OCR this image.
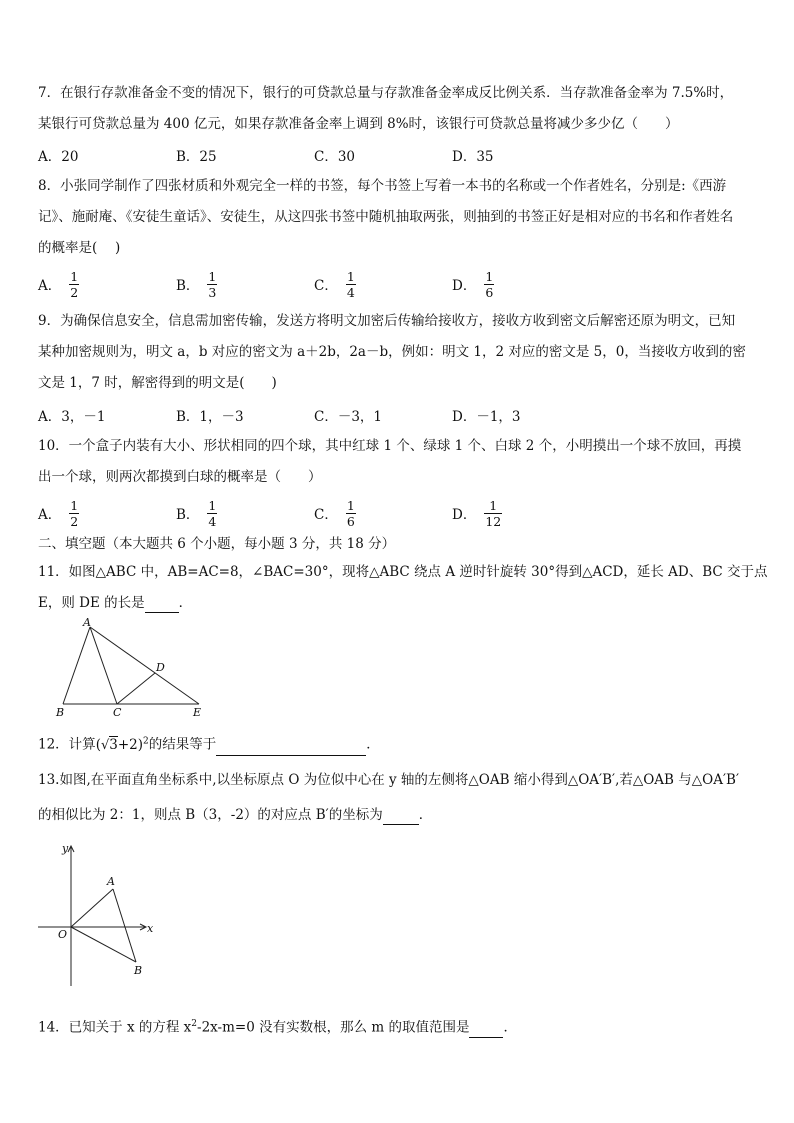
7．在银行存款准备金不变的情况下，银行的可贷款总量与存款准备金率成反比例关系．当存款准备金率为 7.5%时，
某银行可贷款总量为 400 亿元，如果存款准备金率上调到 8%时，该银行可贷款总量将减少多少亿（　　）
A．20	B．25	C．30	D．35
8．小张同学制作了四张材质和外观完全一样的书签，每个书签上写着一本书的名称或一个作者姓名，分别是:《西游
记》、施耐庵、《安徒生童话》、安徒生，从这四张书签中随机抽取两张，则抽到的书签正好是相对应的书名和作者姓名
的概率是(　 )
A． $\frac{1}{2}$	B． $\frac{1}{3}$	C． $\frac{1}{4}$	D． $\frac{1}{6}$
9．为确保信息安全，信息需加密传输，发送方将明文加密后传输给接收方，接收方收到密文后解密还原为明文，已知
某种加密规则为，明文 a，b 对应的密文为 a＋2b，2a－b，例如：明文 1，2 对应的密文是 5，0，当接收方收到的密
文是 1，7 时，解密得到的明文是(　　)
A．3，－1	B．1，－3	C．－3，1	D．－1，3
10．一个盒子内装有大小、形状相同的四个球，其中红球 1 个、绿球 1 个、白球 2 个，小明摸出一个球不放回，再摸
出一个球，则两次都摸到白球的概率是（　　）
A． $\frac{1}{2}$	B． $\frac{1}{4}$	C． $\frac{1}{6}$	D． $\frac{1}{12}$
二、填空题（本大题共 6 个小题，每小题 3 分，共 18 分）
11．如图△ABC 中，AB=AC=8，∠BAC=30°，现将△ABC 绕点 A 逆时针旋转 30°得到△ACD，延长 AD、BC 交于点
E，则 DE 的长是	．
A
B	C
D
E
12．计算$(√3+2)^2$的结果等于	．
13.如图,在平面直角坐标系中,以坐标原点 O 为位似中心在 y 轴的左侧将△OAB 缩小得到△OA′B′,若△OAB 与△OA′B′
的相似比为 2：1，则点 B（3，-2）的对应点 B′的坐标为	．
y
x
O
A
B
14．已知关于 x 的方程 $x^2-2x-m=0$ 没有实数根，那么 m 的取值范围是	．
